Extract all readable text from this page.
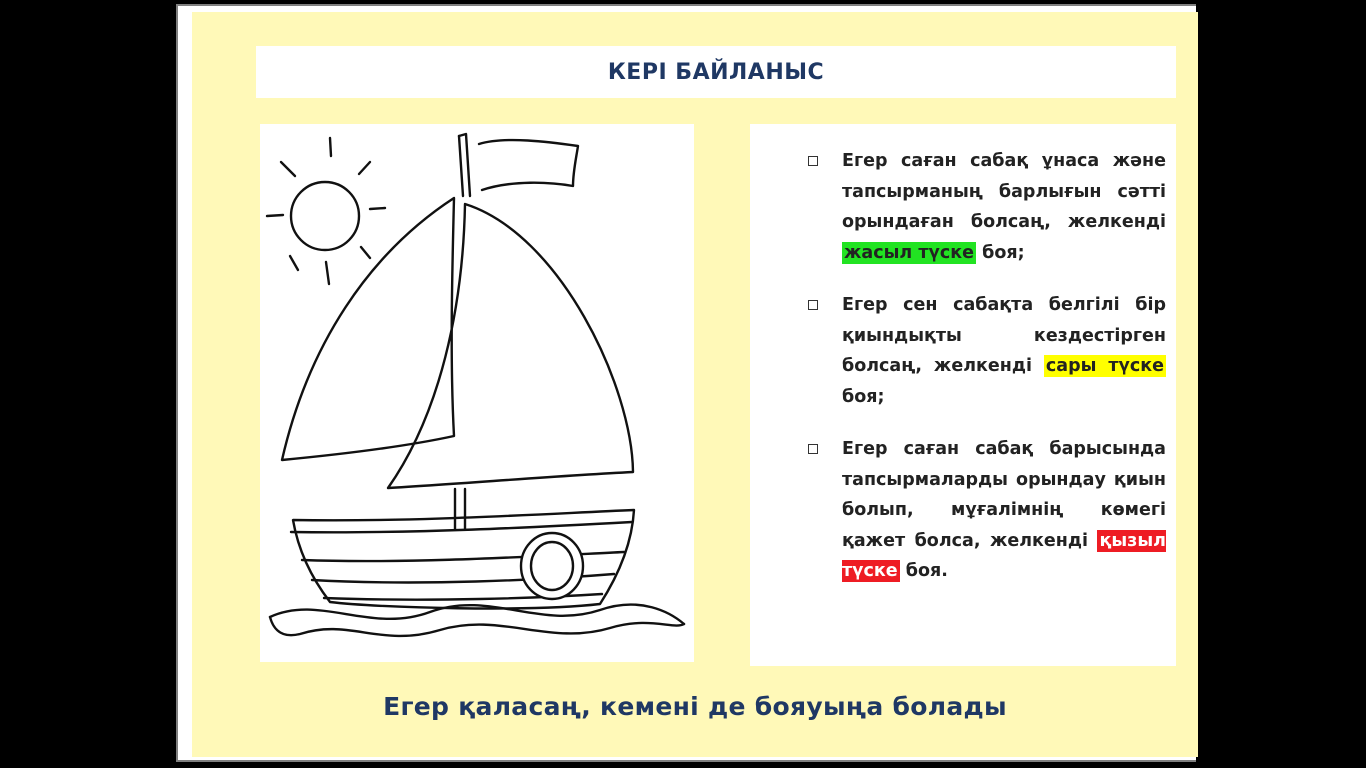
КЕРІ БАЙЛАНЫС

Егер саған сабақ ұнаса және тапсырманың барлығын сәтті орындаған болсаң, желкенді жасыл түске боя;

Егер сен сабақта белгілі бір қиындықты кездестірген болсаң, желкенді сары түске боя;

Егер саған сабақ барысында тапсырмаларды орындау қиын болып, мұғалімнің көмегі қажет болса, желкенді қызыл түске боя.

Егер қаласаң, кемені де бояуыңа болады
